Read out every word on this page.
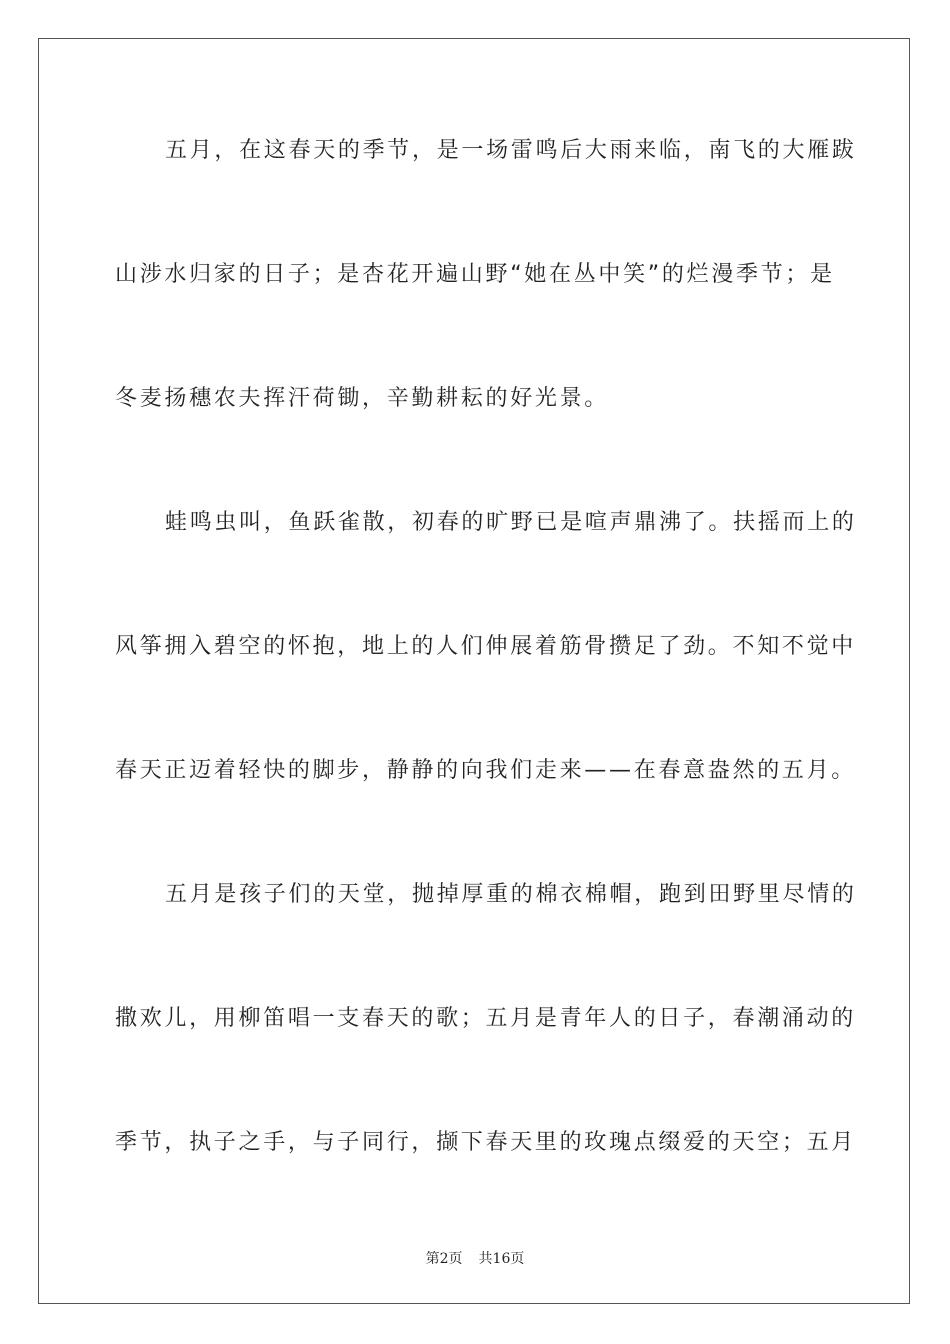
五月，在这春天的季节，是一场雷鸣后大雨来临，南飞的大雁跋
山涉水归家的日子；是杏花开遍山野“她在丛中笑”的烂漫季节；是
冬麦扬穗农夫挥汗荷锄，辛勤耕耘的好光景。
蛙鸣虫叫，鱼跃雀散，初春的旷野已是喧声鼎沸了。扶摇而上的
风筝拥入碧空的怀抱，地上的人们伸展着筋骨攒足了劲。不知不觉中
春天正迈着轻快的脚步，静静的向我们走来——在春意盎然的五月。
五月是孩子们的天堂，抛掉厚重的棉衣棉帽，跑到田野里尽情的
撒欢儿，用柳笛唱一支春天的歌；五月是青年人的日子，春潮涌动的
季节，执子之手，与子同行，撷下春天里的玫瑰点缀爱的天空；五月
第2页 共16页
